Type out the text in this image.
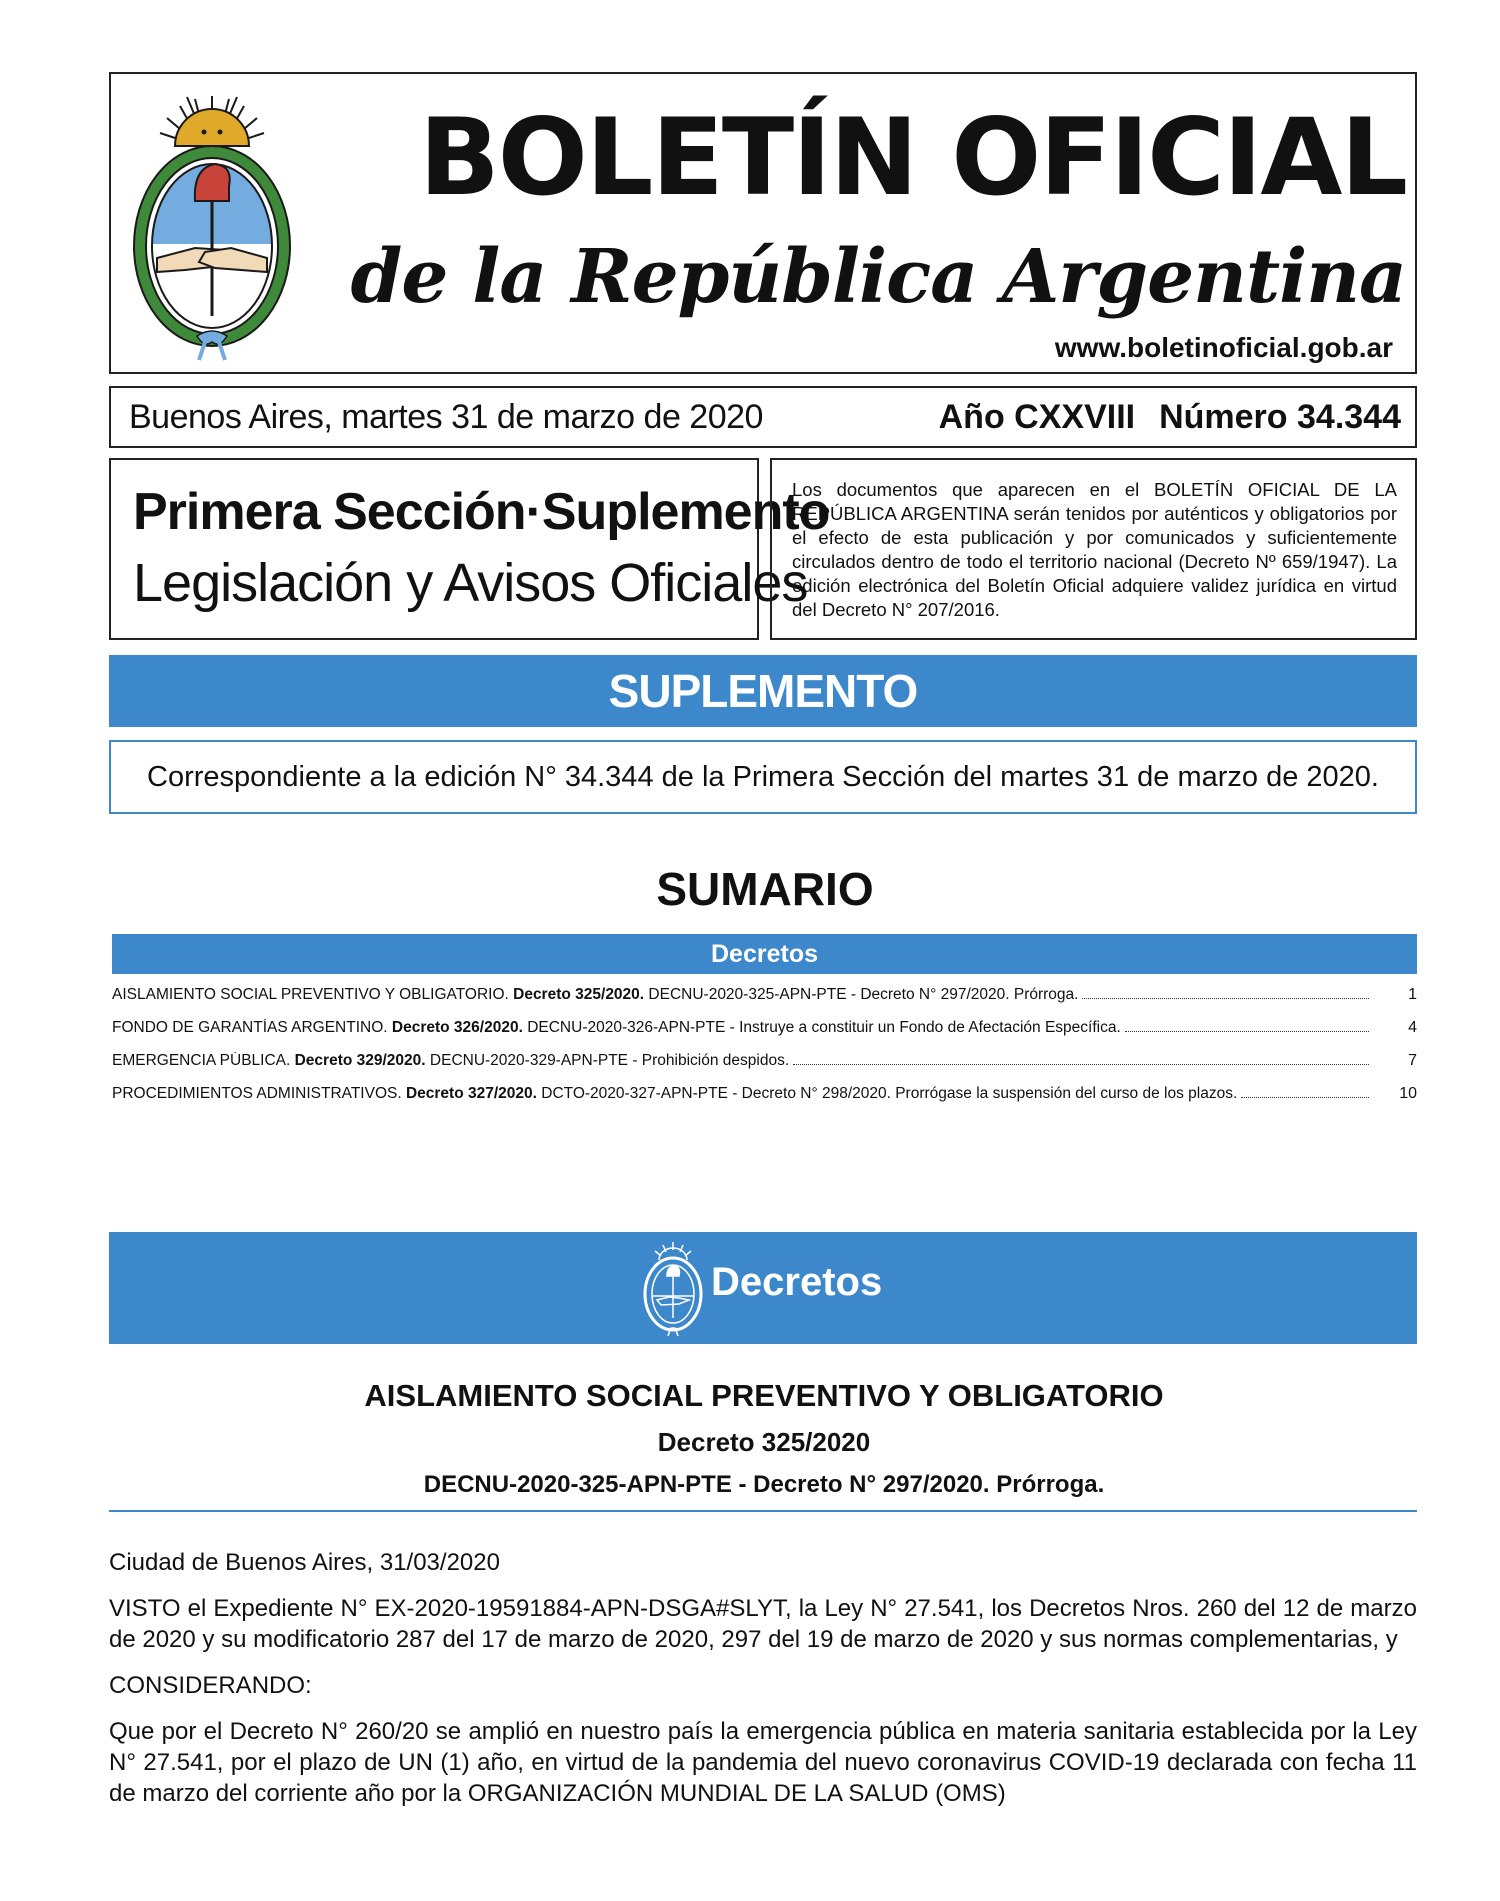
BOLETÍN OFICIAL
de la República Argentina
www.boletinoficial.gob.ar
Buenos Aires, martes 31 de marzo de 2020	Año CXXVIII Número 34.344
Primera Sección·Suplemento
Legislación y Avisos Oficiales
Los documentos que aparecen en el BOLETÍN OFICIAL DE LA REPÚBLICA ARGENTINA serán tenidos por auténticos y obligatorios por el efecto de esta publicación y por comunicados y suficientemente circulados dentro de todo el territorio nacional (Decreto Nº 659/1947). La edición electrónica del Boletín Oficial adquiere validez jurídica en virtud del Decreto N° 207/2016.
SUPLEMENTO
Correspondiente a la edición N° 34.344 de la Primera Sección del martes 31 de marzo de 2020.
SUMARIO
Decretos
AISLAMIENTO SOCIAL PREVENTIVO Y OBLIGATORIO. Decreto 325/2020. DECNU-2020-325-APN-PTE - Decreto N° 297/2020. Prórroga.	1
FONDO DE GARANTÍAS ARGENTINO. Decreto 326/2020. DECNU-2020-326-APN-PTE - Instruye a constituir un Fondo de Afectación Específica.	4
EMERGENCIA PÚBLICA. Decreto 329/2020. DECNU-2020-329-APN-PTE - Prohibición despidos.	7
PROCEDIMIENTOS ADMINISTRATIVOS. Decreto 327/2020. DCTO-2020-327-APN-PTE - Decreto N° 298/2020. Prorrógase la suspensión del curso de los plazos.	10
Decretos
AISLAMIENTO SOCIAL PREVENTIVO Y OBLIGATORIO
Decreto 325/2020
DECNU-2020-325-APN-PTE - Decreto N° 297/2020. Prórroga.

Ciudad de Buenos Aires, 31/03/2020

VISTO el Expediente N° EX-2020-19591884-APN-DSGA#SLYT, la Ley N° 27.541, los Decretos Nros. 260 del 12 de marzo de 2020 y su modificatorio 287 del 17 de marzo de 2020, 297 del 19 de marzo de 2020 y sus normas complementarias, y

CONSIDERANDO:

Que por el Decreto N° 260/20 se amplió en nuestro país la emergencia pública en materia sanitaria establecida por la Ley N° 27.541, por el plazo de UN (1) año, en virtud de la pandemia del nuevo coronavirus COVID-19 declarada con fecha 11 de marzo del corriente año por la ORGANIZACIÓN MUNDIAL DE LA SALUD (OMS)
